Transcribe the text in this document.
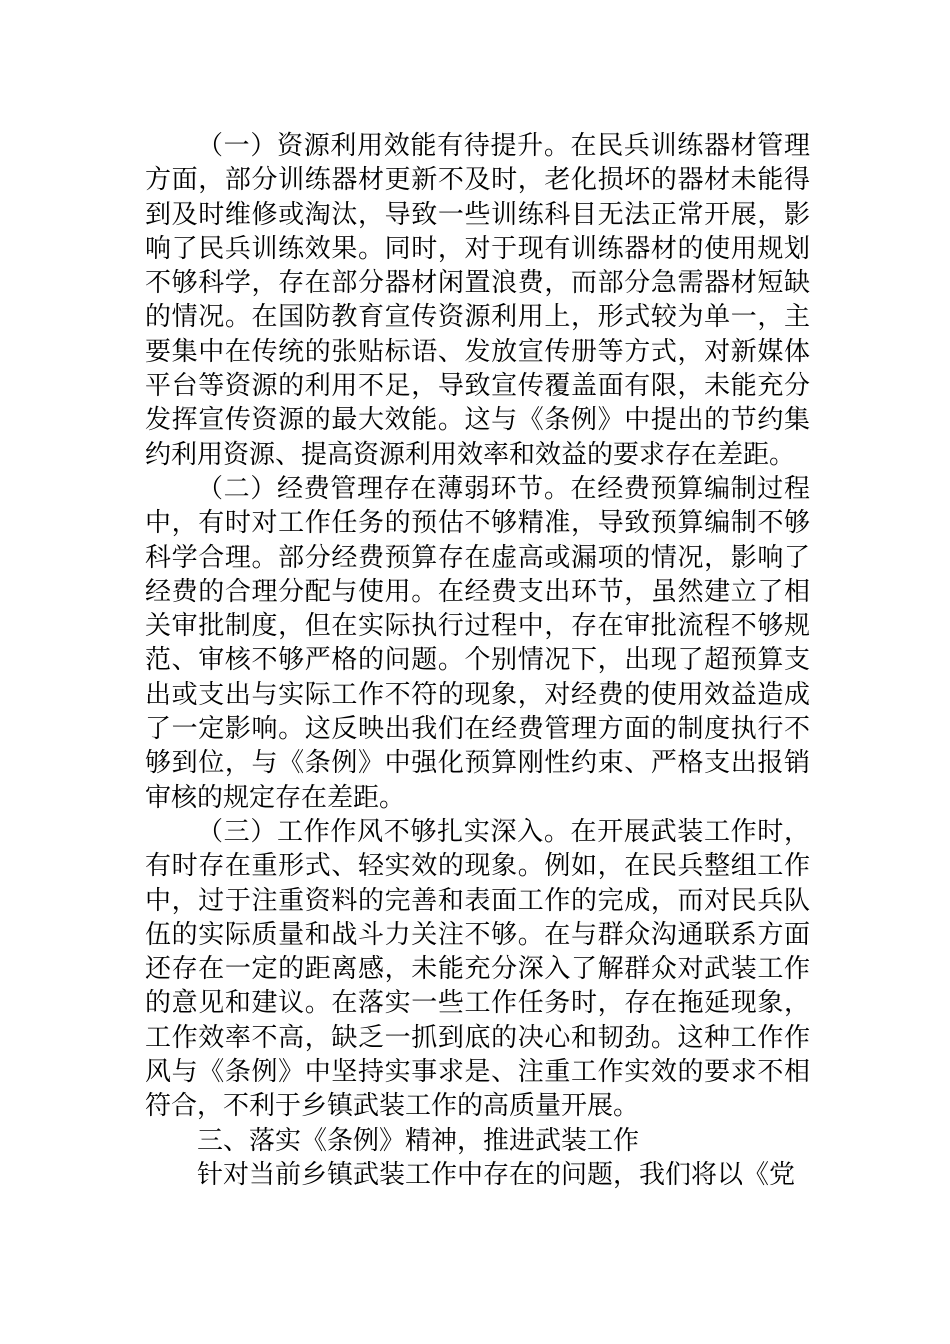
（一）资源利用效能有待提升。在民兵训练器材管理方面，部分训练器材更新不及时，老化损坏的器材未能得到及时维修或淘汰，导致一些训练科目无法正常开展，影响了民兵训练效果。同时，对于现有训练器材的使用规划不够科学，存在部分器材闲置浪费，而部分急需器材短缺的情况。在国防教育宣传资源利用上，形式较为单一，主要集中在传统的张贴标语、发放宣传册等方式，对新媒体平台等资源的利用不足，导致宣传覆盖面有限，未能充分发挥宣传资源的最大效能。这与《条例》中提出的节约集约利用资源、提高资源利用效率和效益的要求存在差距。

（二）经费管理存在薄弱环节。在经费预算编制过程中，有时对工作任务的预估不够精准，导致预算编制不够科学合理。部分经费预算存在虚高或漏项的情况，影响了经费的合理分配与使用。在经费支出环节，虽然建立了相关审批制度，但在实际执行过程中，存在审批流程不够规范、审核不够严格的问题。个别情况下，出现了超预算支出或支出与实际工作不符的现象，对经费的使用效益造成了一定影响。这反映出我们在经费管理方面的制度执行不够到位，与《条例》中强化预算刚性约束、严格支出报销审核的规定存在差距。

（三）工作作风不够扎实深入。在开展武装工作时，有时存在重形式、轻实效的现象。例如，在民兵整组工作中，过于注重资料的完善和表面工作的完成，而对民兵队伍的实际质量和战斗力关注不够。在与群众沟通联系方面还存在一定的距离感，未能充分深入了解群众对武装工作的意见和建议。在落实一些工作任务时，存在拖延现象，工作效率不高，缺乏一抓到底的决心和韧劲。这种工作作风与《条例》中坚持实事求是、注重工作实效的要求不相符合，不利于乡镇武装工作的高质量开展。

三、落实《条例》精神，推进武装工作

针对当前乡镇武装工作中存在的问题，我们将以《党
